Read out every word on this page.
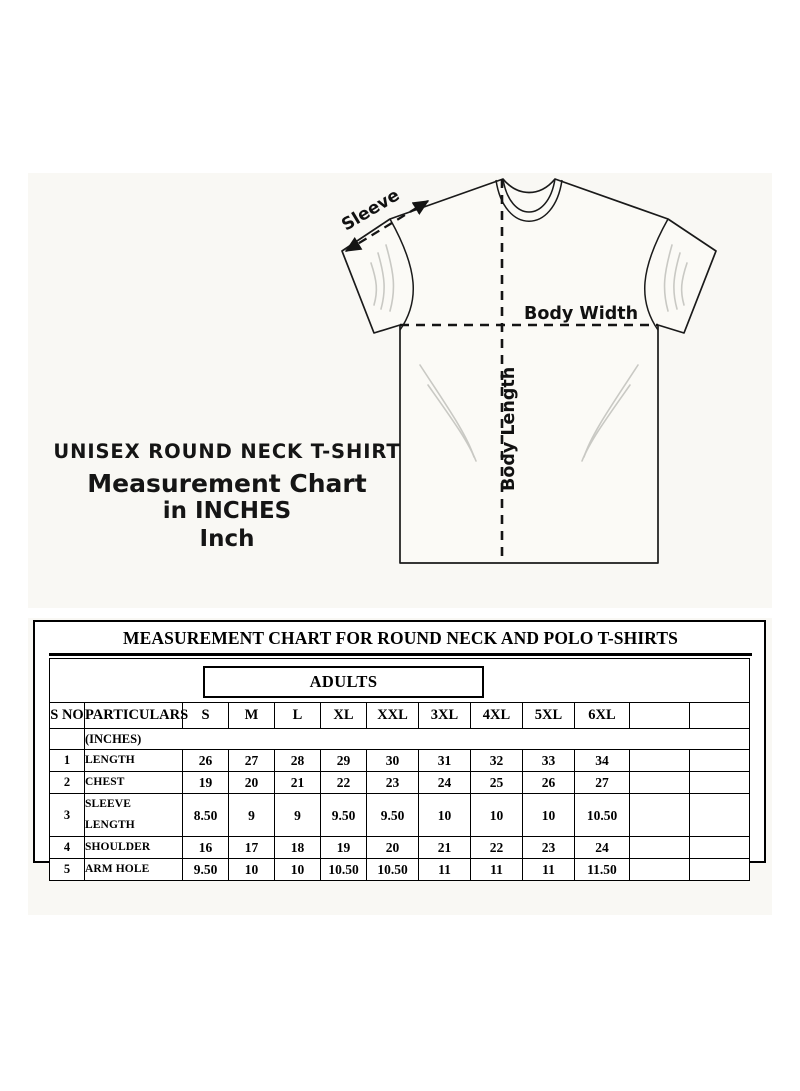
Sleeve
Body Width
Body Length
UNISEX ROUND NECK T-SHIRT
Measurement Chart
in INCHES
Inch
MEASUREMENT CHART FOR ROUND NECK AND POLO T-SHIRTS
ADULTS												

S NO	PARTICULARS	S	M	L	XL	XXL	3XL	4XL	5XL	6XL		
	(INCHES)											
1	LENGTH	26	27	28	29	30	31	32	33	34		
2	CHEST	19	20	21	22	23	24	25	26	27		
3	SLEEVE LENGTH	8.50	9	9	9.50	9.50	10	10	10	10.50		
4	SHOULDER	16	17	18	19	20	21	22	23	24		
5	ARM HOLE	9.50	10	10	10.50	10.50	11	11	11	11.50		
